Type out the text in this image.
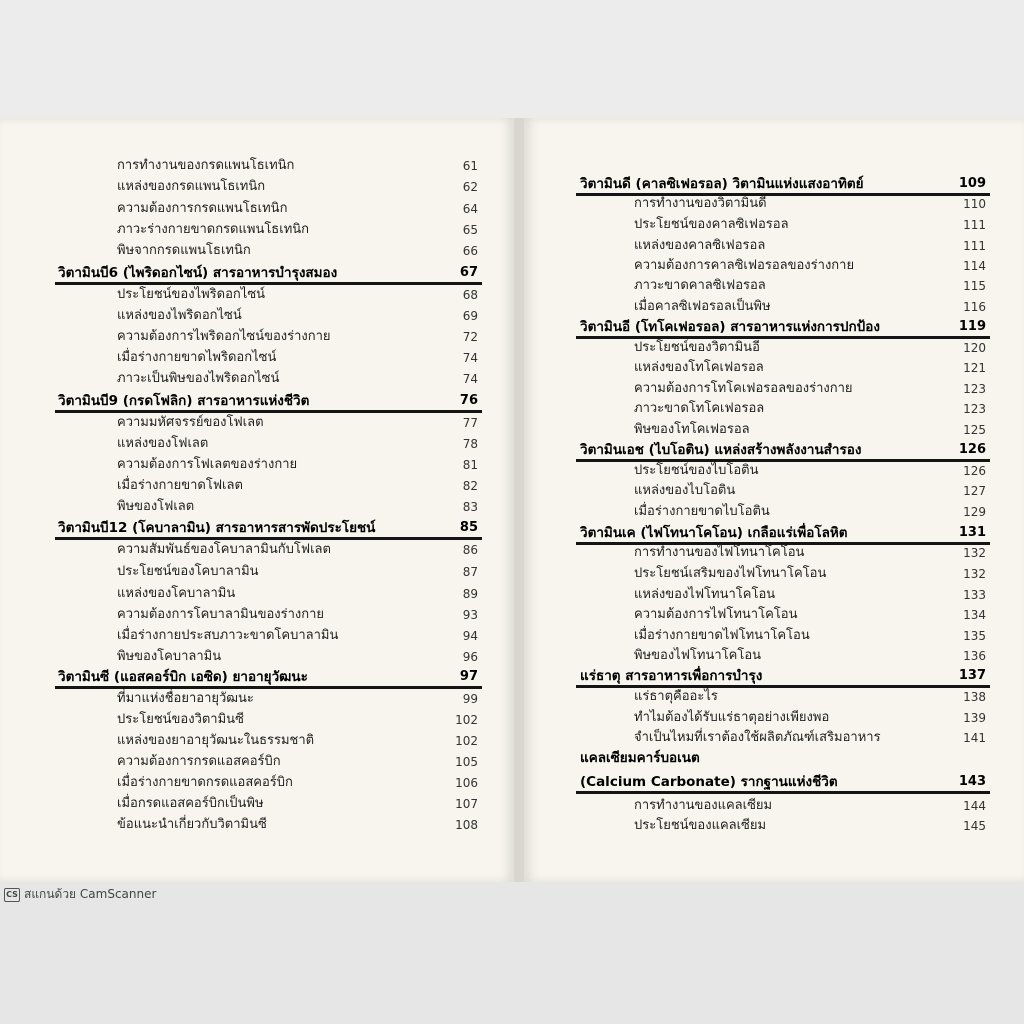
การทำงานของกรดแพนโธเทนิก	61
แหล่งของกรดแพนโธเทนิก	62
ความต้องการกรดแพนโธเทนิก	64
ภาวะร่างกายขาดกรดแพนโธเทนิก	65
พิษจากกรดแพนโธเทนิก	66
วิตามินบี6 (ไพริดอกไซน์) สารอาหารบำรุงสมอง	67
ประโยชน์ของไพริดอกไซน์	68
แหล่งของไพริดอกไซน์	69
ความต้องการไพริดอกไซน์ของร่างกาย	72
เมื่อร่างกายขาดไพริดอกไซน์	74
ภาวะเป็นพิษของไพริดอกไซน์	74
วิตามินบี9 (กรดโฟลิก) สารอาหารแห่งชีวิต	76
ความมหัศจรรย์ของโฟเลต	77
แหล่งของโฟเลต	78
ความต้องการโฟเลตของร่างกาย	81
เมื่อร่างกายขาดโฟเลต	82
พิษของโฟเลต	83
วิตามินบี12 (โคบาลามิน) สารอาหารสารพัดประโยชน์	85
ความสัมพันธ์ของโคบาลามินกับโฟเลต	86
ประโยชน์ของโคบาลามิน	87
แหล่งของโคบาลามิน	89
ความต้องการโคบาลามินของร่างกาย	93
เมื่อร่างกายประสบภาวะขาดโคบาลามิน	94
พิษของโคบาลามิน	96
วิตามินซี (แอสคอร์บิก เอซิด) ยาอายุวัฒนะ	97
ที่มาแห่งชื่อยาอายุวัฒนะ	99
ประโยชน์ของวิตามินซี	102
แหล่งของยาอายุวัฒนะในธรรมชาติ	102
ความต้องการกรดแอสคอร์บิก	105
เมื่อร่างกายขาดกรดแอสคอร์บิก	106
เมื่อกรดแอสคอร์บิกเป็นพิษ	107
ข้อแนะนำเกี่ยวกับวิตามินซี	108
วิตามินดี (คาลซิเฟอรอล) วิตามินแห่งแสงอาทิตย์	109
การทำงานของวิตามินดี	110
ประโยชน์ของคาลซิเฟอรอล	111
แหล่งของคาลซิเฟอรอล	111
ความต้องการคาลซิเฟอรอลของร่างกาย	114
ภาวะขาดคาลซิเฟอรอล	115
เมื่อคาลซิเฟอรอลเป็นพิษ	116
วิตามินอี (โทโคเฟอรอล) สารอาหารแห่งการปกป้อง	119
ประโยชน์ของวิตามินอี	120
แหล่งของโทโคเฟอรอล	121
ความต้องการโทโคเฟอรอลของร่างกาย	123
ภาวะขาดโทโคเฟอรอล	123
พิษของโทโคเฟอรอล	125
วิตามินเอช (ไบโอติน) แหล่งสร้างพลังงานสำรอง	126
ประโยชน์ของไบโอติน	126
แหล่งของไบโอติน	127
เมื่อร่างกายขาดไบโอติน	129
วิตามินเค (ไฟโทนาโคโอน) เกลือแร่เพื่อโลหิต	131
การทำงานของไฟโทนาโคโอน	132
ประโยชน์เสริมของไฟโทนาโคโอน	132
แหล่งของไฟโทนาโคโอน	133
ความต้องการไฟโทนาโคโอน	134
เมื่อร่างกายขาดไฟโทนาโคโอน	135
พิษของไฟโทนาโคโอน	136
แร่ธาตุ สารอาหารเพื่อการบำรุง	137
แร่ธาตุคืออะไร	138
ทำไมต้องได้รับแร่ธาตุอย่างเพียงพอ	139
จำเป็นไหมที่เราต้องใช้ผลิตภัณฑ์เสริมอาหาร	141
แคลเซียมคาร์บอเนต
(Calcium Carbonate) รากฐานแห่งชีวิต	143
การทำงานของแคลเซียม	144
ประโยชน์ของแคลเซียม	145
CS สแกนด้วย CamScanner
